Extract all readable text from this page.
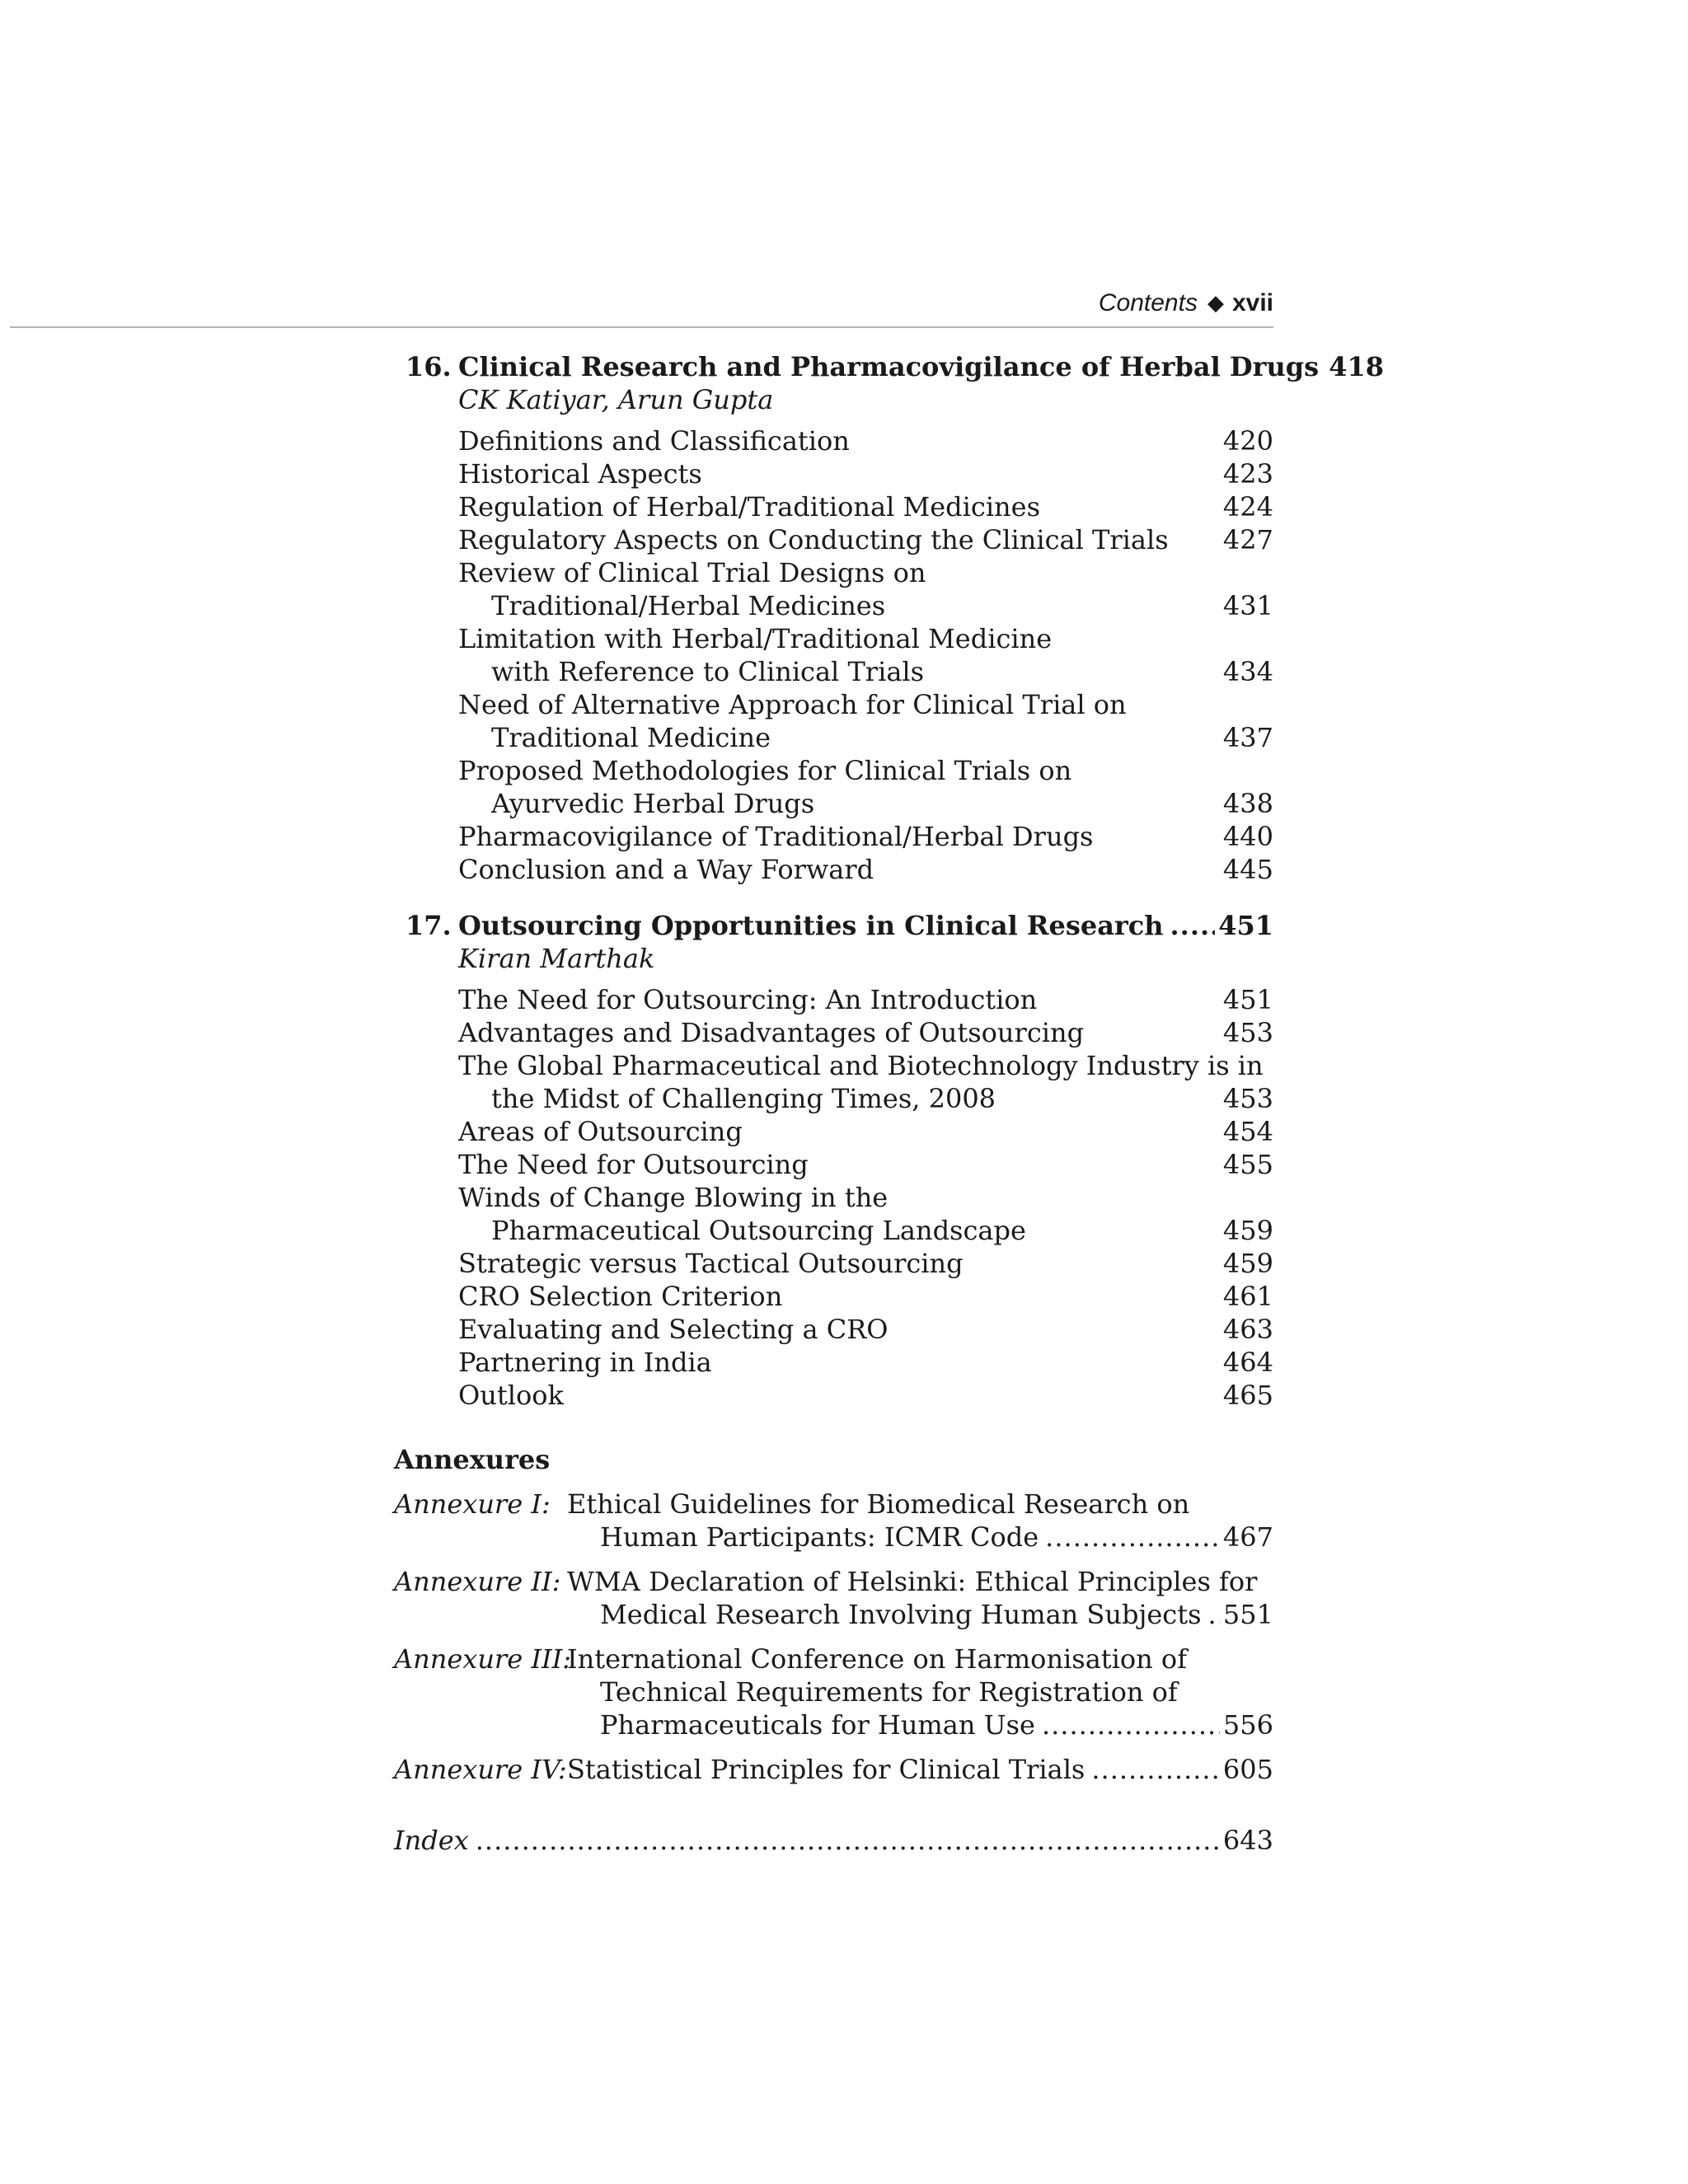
Contents ◆ xvii
16. Clinical Research and Pharmacovigilance of Herbal Drugs 418
CK Katiyar, Arun Gupta
Definitions and Classification	420
Historical Aspects	423
Regulation of Herbal/Traditional Medicines	424
Regulatory Aspects on Conducting the Clinical Trials 427
Review of Clinical Trial Designs on
Traditional/Herbal Medicines	431
Limitation with Herbal/Traditional Medicine
with Reference to Clinical Trials	434
Need of Alternative Approach for Clinical Trial on
Traditional Medicine	437
Proposed Methodologies for Clinical Trials on
Ayurvedic Herbal Drugs	438
Pharmacovigilance of Traditional/Herbal Drugs	440
Conclusion and a Way Forward	445
17. Outsourcing Opportunities in Clinical Research ..... 451
Kiran Marthak
The Need for Outsourcing: An Introduction	451
Advantages and Disadvantages of Outsourcing	453
The Global Pharmaceutical and Biotechnology Industry is in
the Midst of Challenging Times, 2008	453
Areas of Outsourcing	454
The Need for Outsourcing	455
Winds of Change Blowing in the
Pharmaceutical Outsourcing Landscape	459
Strategic versus Tactical Outsourcing	459
CRO Selection Criterion	461
Evaluating and Selecting a CRO	463
Partnering in India	464
Outlook	465
Annexures
Annexure I: Ethical Guidelines for Biomedical Research on
Human Participants: ICMR Code .....	467
Annexure II: WMA Declaration of Helsinki: Ethical Principles for
Medical Research Involving Human Subjects ..... 551
Annexure III:
International Conference on Harmonisation of
Technical Requirements for Registration of
Pharmaceuticals for Human Use .....	556
Annexure IV: Statistical Principles for Clinical Trials .....	605
Index .....	643
